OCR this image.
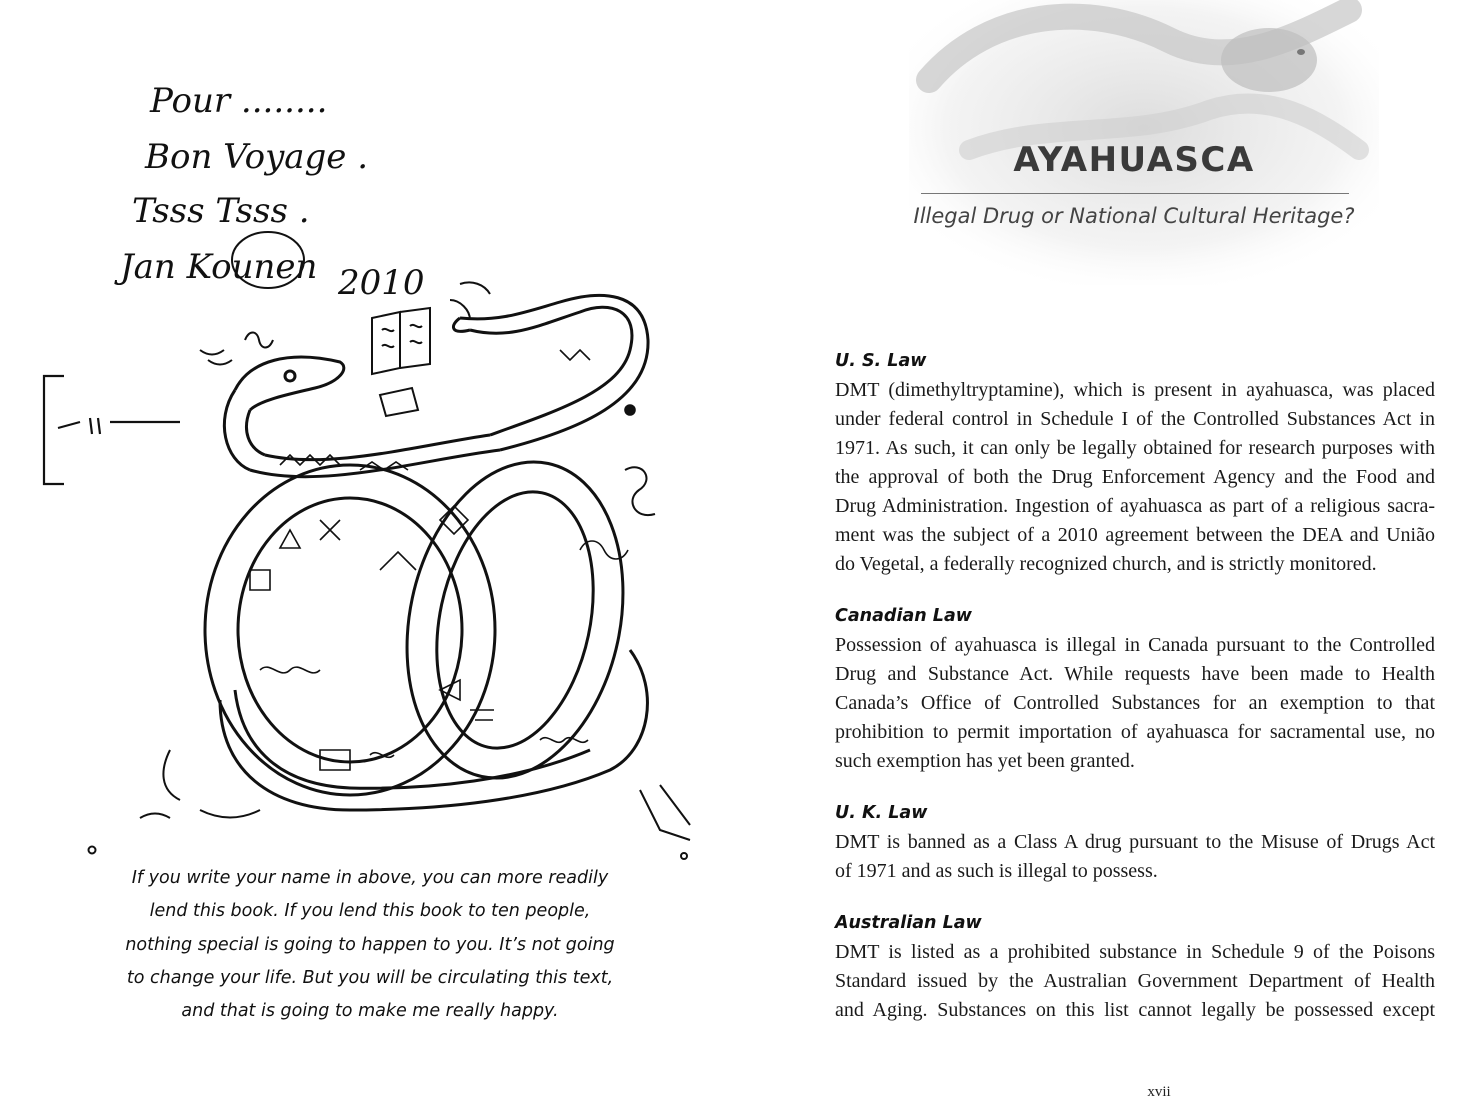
Pour ........
Bon Voyage .
Tsss Tsss .
Jan Kounen 2010
If you write your name in above, you can more readily
lend this book. If you lend this book to ten people,
nothing special is going to happen to you. It’s not going
to change your life. But you will be circulating this text,
and that is going to make me really happy.
AYAHUASCA
Illegal Drug or National Cultural Heritage?
U. S. Law

DMT (dimethyltryptamine), which is present in ayahuasca, was placed
under federal control in Schedule I of the Controlled Substances Act in
1971. As such, it can only be legally obtained for research purposes with
the approval of both the Drug Enforcement Agency and the Food and
Drug Administration. Ingestion of ayahuasca as part of a religious sacra-
ment was the subject of a 2010 agreement between the DEA and União
do Vegetal, a federally recognized church, and is strictly monitored.

Canadian Law

Possession of ayahuasca is illegal in Canada pursuant to the Controlled
Drug and Substance Act. While requests have been made to Health
Canada’s Office of Controlled Substances for an exemption to that
prohibition to permit importation of ayahuasca for sacramental use, no
such exemption has yet been granted.

U. K. Law

DMT is banned as a Class A drug pursuant to the Misuse of Drugs Act
of 1971 and as such is illegal to possess.

Australian Law

DMT is listed as a prohibited substance in Schedule 9 of the Poisons
Standard issued by the Australian Government Department of Health
and Aging. Substances on this list cannot legally be possessed except

xvii
